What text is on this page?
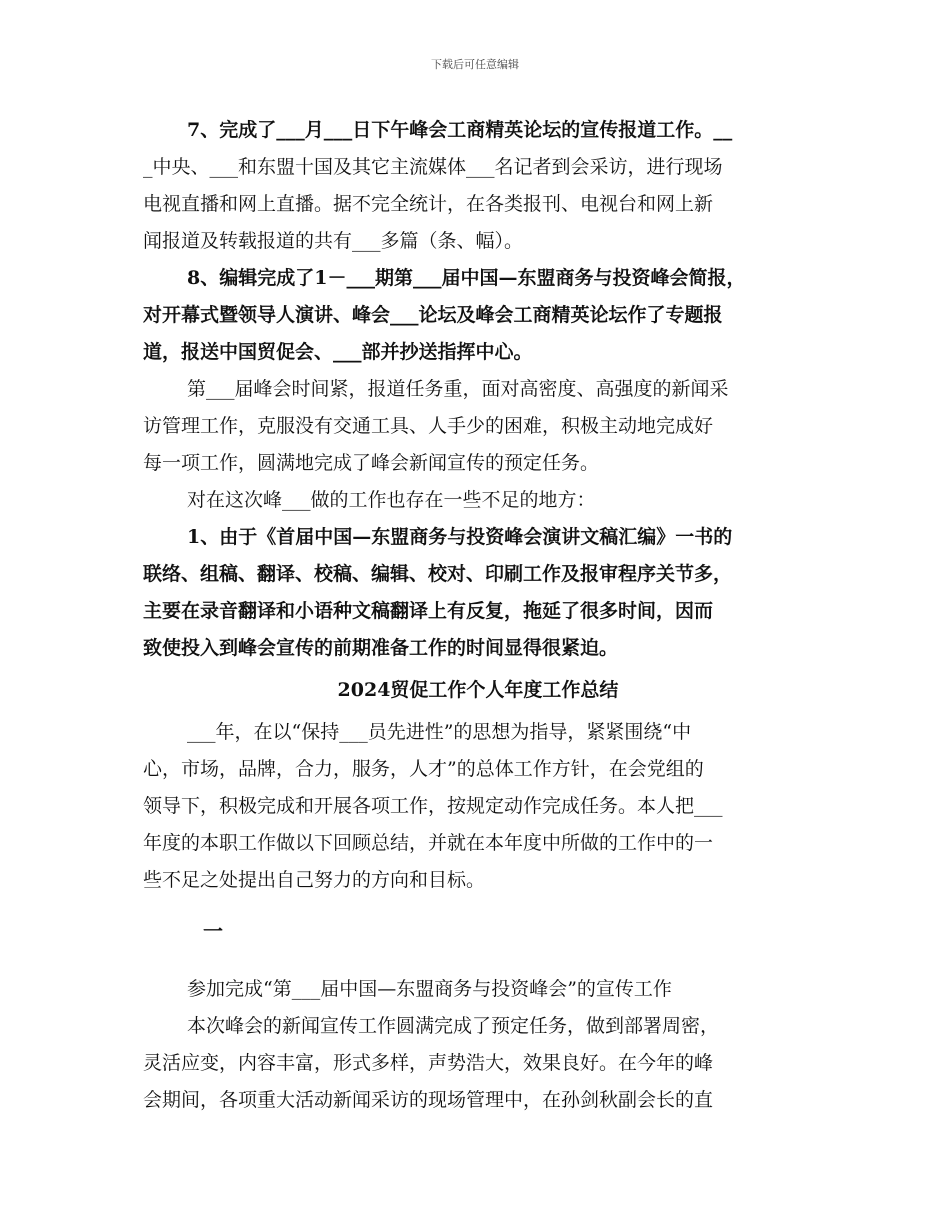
下载后可任意编辑
7、完成了___月___日下午峰会工商精英论坛的宣传报道工作。__
_中央、___和东盟十国及其它主流媒体___名记者到会采访，进行现场
电视直播和网上直播。据不完全统计，在各类报刊、电视台和网上新
闻报道及转载报道的共有___多篇（条、幅）。
8、编辑完成了1－___期第___届中国—东盟商务与投资峰会简报，
对开幕式暨领导人演讲、峰会___论坛及峰会工商精英论坛作了专题报
道，报送中国贸促会、___部并抄送指挥中心。
第___届峰会时间紧，报道任务重，面对高密度、高强度的新闻采
访管理工作，克服没有交通工具、人手少的困难，积极主动地完成好
每一项工作，圆满地完成了峰会新闻宣传的预定任务。
对在这次峰___做的工作也存在一些不足的地方：
1、由于《首届中国—东盟商务与投资峰会演讲文稿汇编》一书的
联络、组稿、翻译、校稿、编辑、校对、印刷工作及报审程序关节多，
主要在录音翻译和小语种文稿翻译上有反复，拖延了很多时间，因而
致使投入到峰会宣传的前期准备工作的时间显得很紧迫。
2024贸促工作个人年度工作总结
___年，在以“保持___员先进性”的思想为指导，紧紧围绕“中
心，市场，品牌，合力，服务，人才”的总体工作方针，在会党组的
领导下，积极完成和开展各项工作，按规定动作完成任务。本人把___
年度的本职工作做以下回顾总结，并就在本年度中所做的工作中的一
些不足之处提出自己努力的方向和目标。
一
参加完成“第___届中国—东盟商务与投资峰会”的宣传工作
本次峰会的新闻宣传工作圆满完成了预定任务，做到部署周密，
灵活应变，内容丰富，形式多样，声势浩大，效果良好。在今年的峰
会期间，各项重大活动新闻采访的现场管理中，在孙剑秋副会长的直
